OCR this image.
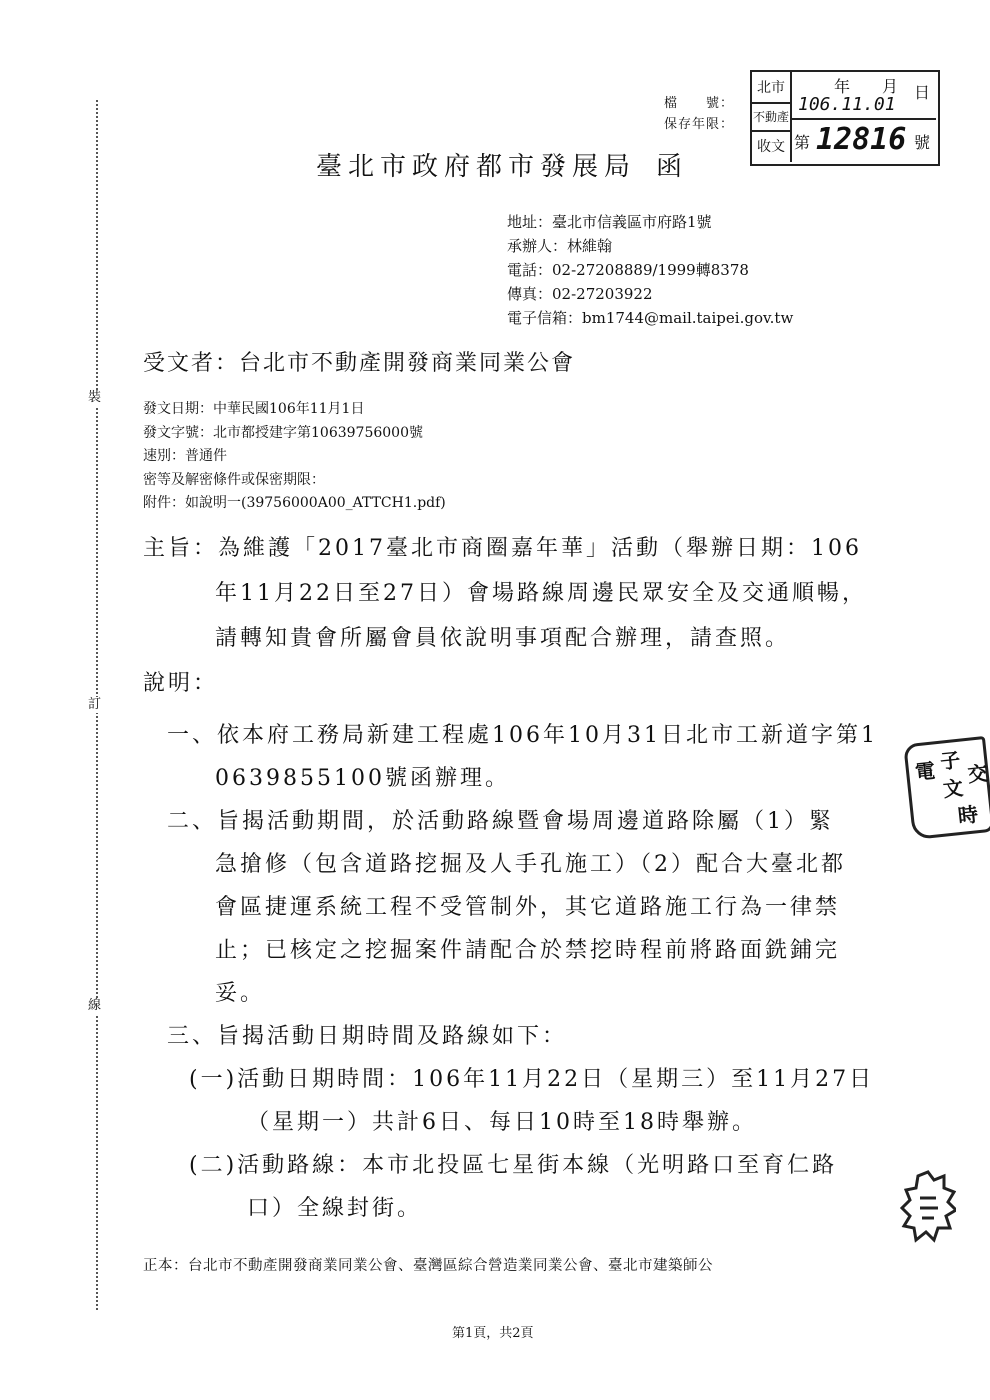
裝
訂
線
檔　　號：
保存年限：
北市
不動產
收文
106.11.01
年 月 日
第 12816 號
臺北市政府都市發展局 函
地址：臺北市信義區市府路1號
承辦人：林維翰
電話：02-27208889/1999轉8378
傳真：02-27203922
電子信箱：bm1744@mail.taipei.gov.tw
受文者：台北市不動產開發商業同業公會
發文日期：中華民國106年11月1日
發文字號：北市都授建字第10639756000號
速別：普通件
密等及解密條件或保密期限：
附件：如說明一(39756000A00_ATTCH1.pdf)
主旨：為維護「2017臺北市商圈嘉年華」活動（舉辦日期：106
年11月22日至27日）會場路線周邊民眾安全及交通順暢，
請轉知貴會所屬會員依說明事項配合辦理，請查照。
說明：
一、依本府工務局新建工程處106年10月31日北市工新道字第1
0639855100號函辦理。
二、旨揭活動期間，於活動路線暨會場周邊道路除屬（1）緊
急搶修（包含道路挖掘及人手孔施工）（2）配合大臺北都
會區捷運系統工程不受管制外，其它道路施工行為一律禁
止；已核定之挖掘案件請配合於禁挖時程前將路面銑鋪完
妥。
三、旨揭活動日期時間及路線如下：
(一)活動日期時間：106年11月22日（星期三）至11月27日
（星期一）共計6日、每日10時至18時舉辦。
(二)活動路線：本市北投區七星街本線（光明路口至育仁路
口）全線封街。
正本：台北市不動產開發商業同業公會、臺灣區綜合營造業同業公會、臺北市建築師公
第1頁，共2頁
電 子
文
交
時
